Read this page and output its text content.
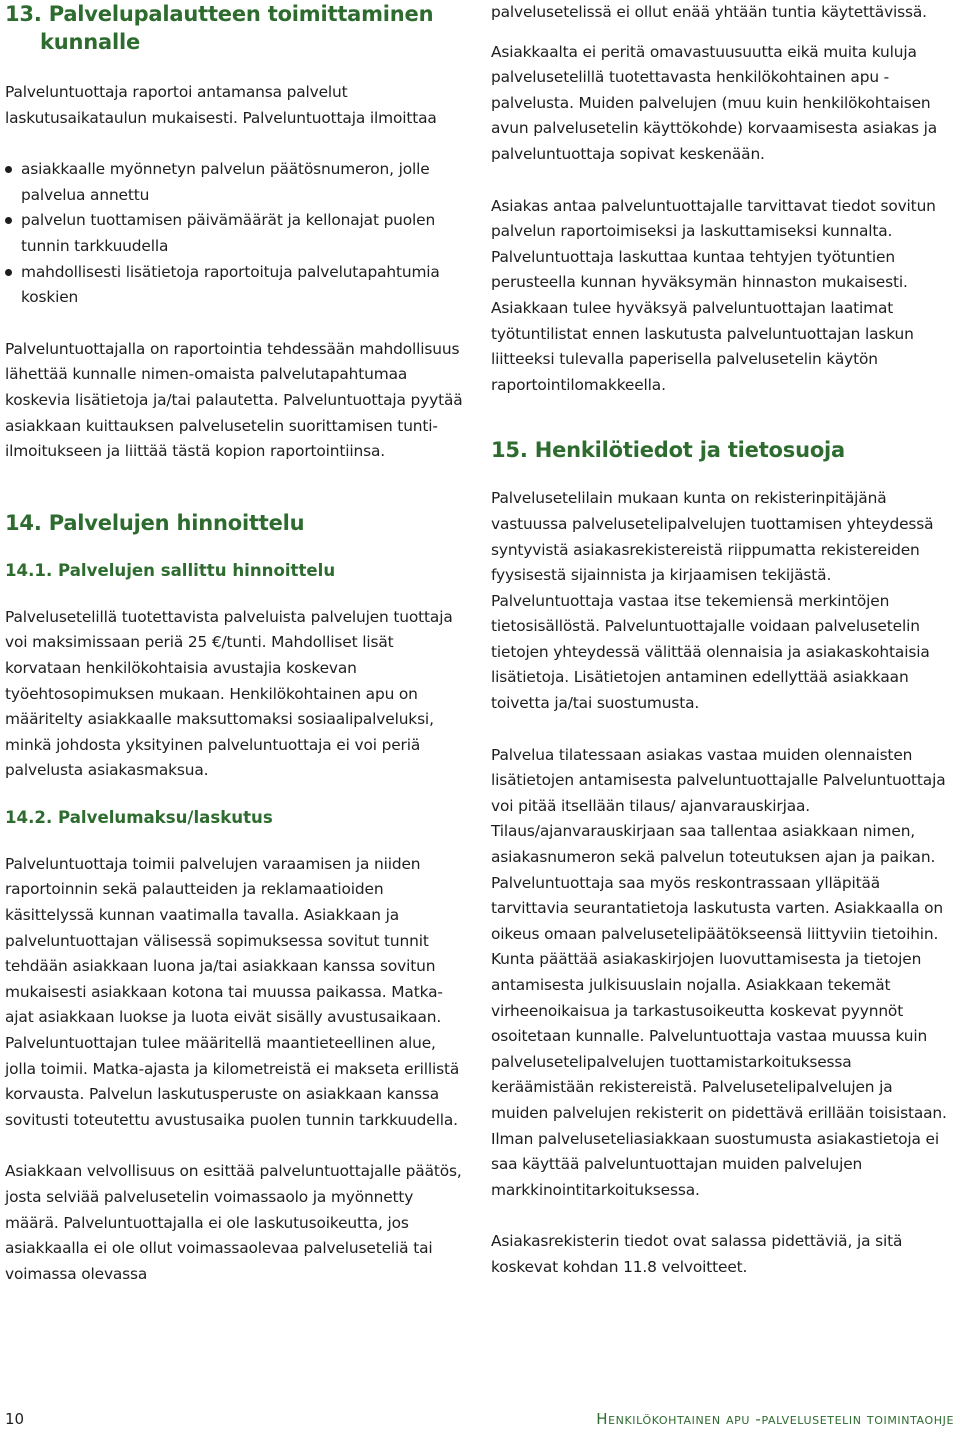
13. Palvelupalautteen toimittaminen kunnalle

Palveluntuottaja raportoi antamansa palvelut laskutusaikataulun mukaisesti. Palveluntuottaja ilmoittaa

asiakkaalle myönnetyn palvelun päätösnumeron, jolle palvelua annettu
palvelun tuottamisen päivämäärät ja kellonajat puolen tunnin tarkkuudella
mahdollisesti lisätietoja raportoituja palvelutapahtumia koskien

Palveluntuottajalla on raportointia tehdessään mahdollisuus lähettää kunnalle nimen-omaista palvelutapahtumaa koskevia lisätietoja ja/tai palautetta. Palveluntuottaja pyytää asiakkaan kuittauksen palvelusetelin suorittamisen tunti-ilmoitukseen ja liittää tästä kopion raportointiinsa.

14. Palvelujen hinnoittelu
14.1. Palvelujen sallittu hinnoittelu

Palvelusetelillä tuotettavista palveluista palvelujen tuottaja voi maksimissaan periä 25 €/tunti. Mahdolliset lisät korvataan henkilökohtaisia avustajia koskevan työehtosopimuksen mukaan. Henkilökohtainen apu on määritelty asiakkaalle maksuttomaksi sosiaalipalveluksi, minkä johdosta yksityinen palveluntuottaja ei voi periä palvelusta asiakasmaksua.

14.2. Palvelumaksu/laskutus

Palveluntuottaja toimii palvelujen varaamisen ja niiden raportoinnin sekä palautteiden ja reklamaatioiden käsittelyssä kunnan vaatimalla tavalla. Asiakkaan ja palveluntuottajan välisessä sopimuksessa sovitut tunnit tehdään asiakkaan luona ja/tai asiakkaan kanssa sovitun mukaisesti asiakkaan kotona tai muussa paikassa. Matka-ajat asiakkaan luokse ja luota eivät sisälly avustusaikaan. Palveluntuottajan tulee määritellä maantieteellinen alue, jolla toimii. Matka-ajasta ja kilometreistä ei makseta erillistä korvausta. Palvelun laskutusperuste on asiakkaan kanssa sovitusti toteutettu avustusaika puolen tunnin tarkkuudella.

Asiakkaan velvollisuus on esittää palveluntuottajalle päätös, josta selviää palvelusetelin voimassaolo ja myönnetty määrä. Palveluntuottajalla ei ole laskutusoikeutta, jos asiakkaalla ei ole ollut voimassaolevaa palveluseteliä tai voimassa olevassa

palvelusetelissä ei ollut enää yhtään tuntia käytettävissä.

Asiakkaalta ei peritä omavastuusuutta eikä muita kuluja palvelusetelillä tuotettavasta henkilökohtainen apu -palvelusta. Muiden palvelujen (muu kuin henkilökohtaisen avun palvelusetelin käyttökohde) korvaamisesta asiakas ja palveluntuottaja sopivat keskenään.

Asiakas antaa palveluntuottajalle tarvittavat tiedot sovitun palvelun raportoimiseksi ja laskuttamiseksi kunnalta. Palveluntuottaja laskuttaa kuntaa tehtyjen työtuntien perusteella kunnan hyväksymän hinnaston mukaisesti. Asiakkaan tulee hyväksyä palveluntuottajan laatimat työtuntilistat ennen laskutusta palveluntuottajan laskun liitteeksi tulevalla paperisella palvelusetelin käytön raportointilomakkeella.

15. Henkilötiedot ja tietosuoja

Palvelusetelilain mukaan kunta on rekisterinpitäjänä vastuussa palvelusetelipalvelujen tuottamisen yhteydessä syntyvistä asiakasrekistereistä riippumatta rekistereiden fyysisestä sijainnista ja kirjaamisen tekijästä. Palveluntuottaja vastaa itse tekemiensä merkintöjen tietosisällöstä. Palveluntuottajalle voidaan palvelusetelin tietojen yhteydessä välittää olennaisia ja asiakaskohtaisia lisätietoja. Lisätietojen antaminen edellyttää asiakkaan toivetta ja/tai suostumusta.

Palvelua tilatessaan asiakas vastaa muiden olennaisten lisätietojen antamisesta palveluntuottajalle Palveluntuottaja voi pitää itsellään tilaus/ ajanvarauskirjaa. Tilaus/ajanvarauskirjaan saa tallentaa asiakkaan nimen, asiakasnumeron sekä palvelun toteutuksen ajan ja paikan. Palveluntuottaja saa myös reskontrassaan ylläpitää tarvittavia seurantatietoja laskutusta varten. Asiakkaalla on oikeus omaan palvelusetelipäätökseensä liittyviin tietoihin. Kunta päättää asiakaskirjojen luovuttamisesta ja tietojen antamisesta julkisuuslain nojalla. Asiakkaan tekemät virheenoikaisua ja tarkastusoikeutta koskevat pyynnöt osoitetaan kunnalle. Palveluntuottaja vastaa muussa kuin palvelusetelipalvelujen tuottamistarkoituksessa keräämistään rekistereistä. Palvelusetelipalvelujen ja muiden palvelujen rekisterit on pidettävä erillään toisistaan. Ilman palveluseteliasiakkaan suostumusta asiakastietoja ei saa käyttää palveluntuottajan muiden palvelujen markkinointitarkoituksessa.

Asiakasrekisterin tiedot ovat salassa pidettäviä, ja sitä koskevat kohdan 11.8 velvoitteet.

10	Henkilökohtainen apu -palvelusetelin toimintaohje
